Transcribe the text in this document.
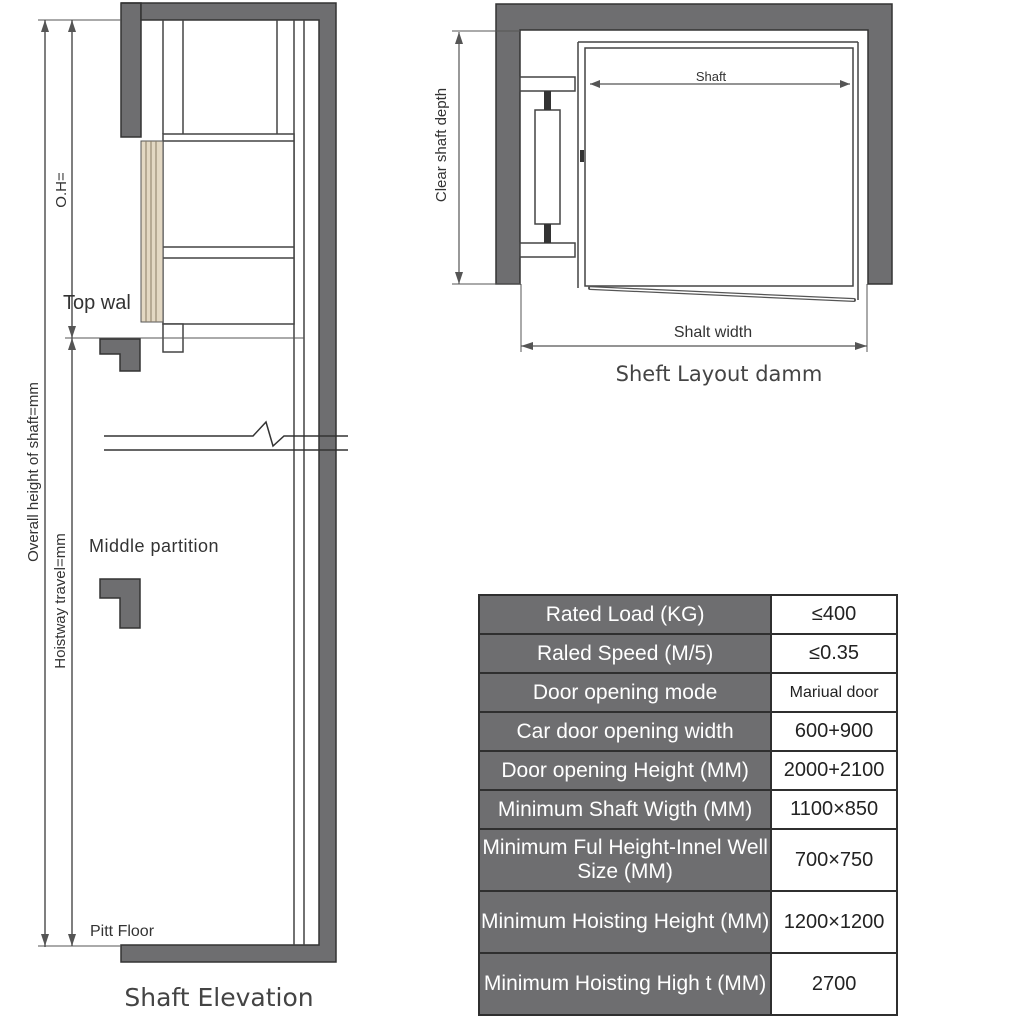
O.H=
Overall height of shaft=mm
Hoistway travel=mm
Top wal
Middle partition
Pitt Floor
Shaft Elevation
Shaft
Clear shaft depth
Shalt width
Sheft Layout damm
Rated Load (KG)	≤400
Raled Speed (M/5)	≤0.35
Door opening mode	Mariual door
Car door opening width	600+900
Door opening Height (MM)	2000+2100
Minimum Shaft Wigth (MM)	1100×850
Minimum Ful Height-Innel Well Size (MM)	700×750
Minimum Hoisting Height (MM)	1200×1200
Minimum Hoisting High t (MM)	2700
